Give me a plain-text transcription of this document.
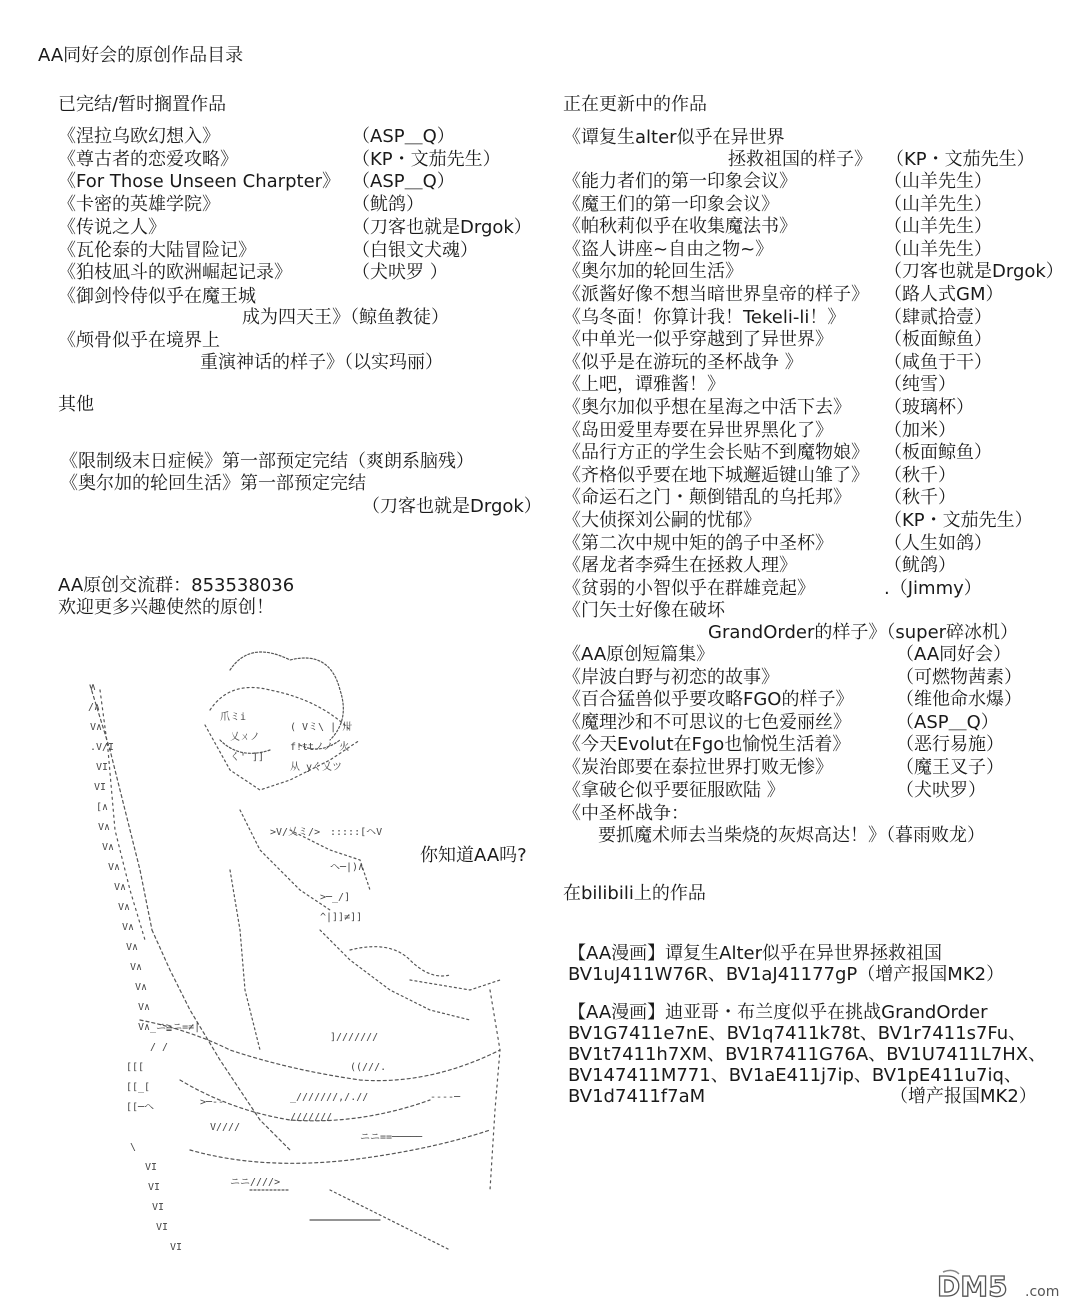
AA同好会的原创作品目录
已完结/暂时搁置作品
《涅拉乌欧幻想入》	（ASP＿Q）
《尊古者的恋爱攻略》	（KP・文茄先生）
《For Those Unseen Charpter》 （ASP＿Q）
《卡密的英雄学院》	（鱿鸽）
《传说之人》	（刀客也就是Drgok）
《瓦伦泰的大陆冒险记》	（白银文犬魂）
《狛枝凪斗的欧洲崛起记录》	（犬吠罗 ）
《御剑怜侍似乎在魔王城
成为四天王》（鲸鱼教徒）
《颅骨似乎在境界上
重演神话的样子》（以实玛丽）
其他
《限制级末日症候》第一部预定完结（爽朗系脑残）
《奥尔加的轮回生活》第一部预定完结
（刀客也就是Drgok）
AA原创交流群：853538036
欢迎更多兴趣使然的原创！
你知道AA吗?
∧
/∧
V∧
.V/I
VI
VI
[∧
V∧
V∧
V∧
V∧
V∧
V∧
V∧
V∧
V∧
V∧
V∧_ニ≧ニ=≠|
/ /
[[[
[[_[
[[─へ
\
VI
VI
VI
VI
VI
>─‐‐
V////
ニニ////>
爪ミi
乂ㄨノ
く' ]]
( Vミ\ | 卅
f!ttノノ 火
从 yく乂ツ
>V/乂ミ/> :::::[ヘV
へ─|)∧
>─_/]
^|]]≠]]
]///////
((///.
_///////,/.//
///////
ニニ==─────
‐‐‐‐─
正在更新中的作品
《谭复生alter似乎在异世界
拯救祖国的样子》 （KP・文茄先生）
《能力者们的第一印象会议》	（山羊先生）
《魔王们的第一印象会议》	（山羊先生）
《帕秋莉似乎在收集魔法书》	（山羊先生）
《盗人讲座~自由之物~》	（山羊先生）
《奥尔加的轮回生活》	（刀客也就是Drgok）
《派酱好像不想当暗世界皇帝的样子》 （路人式GM）
《乌冬面！你算计我！Tekeli-li！》 （肆贰拾壹）
《中单光一似乎穿越到了异世界》	（板面鲸鱼）
《似乎是在游玩的圣杯战争 》	（咸鱼于干）
《上吧，谭雅酱！》	（纯雪）
《奥尔加似乎想在星海之中活下去》 （玻璃杯）
《岛田爱里寿要在异世界黑化了》	（加米）
《品行方正的学生会长贴不到魔物娘》 （板面鲸鱼）
《齐格似乎要在地下城邂逅键山雏了》 （秋千）
《命运石之门・颠倒错乱的乌托邦》 （秋千）
《大侦探刘公嗣的忧郁》	（KP・文茄先生）
《第二次中规中矩的鸽子中圣杯》	（人生如鸽）
《屠龙者李舜生在拯救人理》	（鱿鸽）
《贫弱的小智似乎在群雄竞起》	.（Jimmy）
《门矢士好像在破坏
GrandOrder的样子》（super碎冰机）
《AA原创短篇集》	（AA同好会）
《岸波白野与初恋的故事》	（可燃物茜素）
《百合猛兽似乎要攻略FGO的样子》 （维他命水爆）
《魔理沙和不可思议的七色爱丽丝》	（ASP＿Q）
《今天Evolut在Fgo也愉悦生活着》	（恶行易施）
《炭治郎要在泰拉世界打败无惨》	（魔王叉子）
《拿破仑似乎要征服欧陆 》	（犬吠罗）
《中圣杯战争：
要抓魔术师去当柴烧的灰烬高达！》（暮雨败龙）
在bilibili上的作品
【AA漫画】谭复生Alter似乎在异世界拯救祖国
BV1uJ411W76R、BV1aJ41177gP（增产报国MK2）
【AA漫画】迪亚哥・布兰度似乎在挑战GrandOrder
BV1G7411e7nE、BV1q7411k78t、BV1r7411s7Fu、
BV1t7411h7XM、BV1R7411G76A、BV1U7411L7HX、
BV147411M771、BV1aE411j7ip、BV1pE411u7iq、
BV1d7411f7aM	（增产报国MK2）
DM5 .com
